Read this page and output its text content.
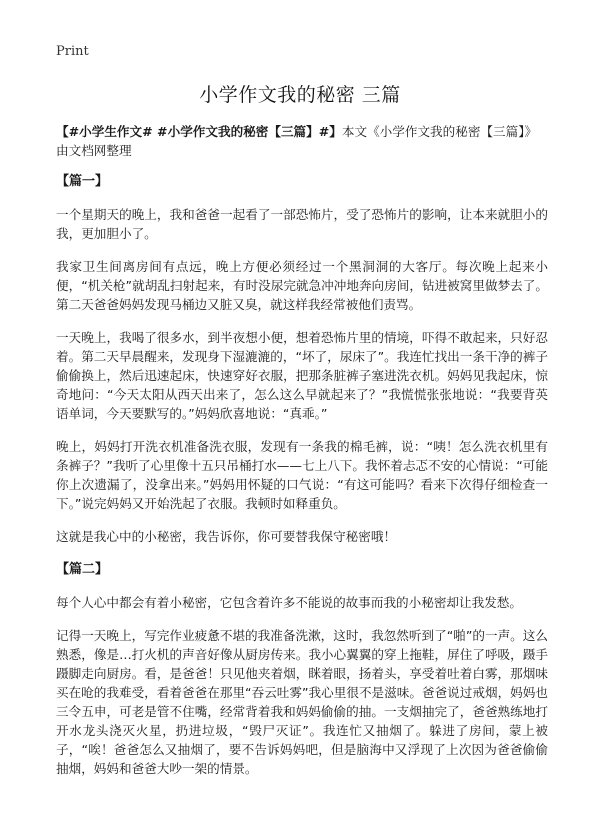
Print
小学作文我的秘密 三篇

【#小学生作文# #小学作文我的秘密【三篇】#】本文《小学作文我的秘密【三篇】》由文档网整理

【篇一】

一个星期天的晚上，我和爸爸一起看了一部恐怖片，受了恐怖片的影响，让本来就胆小的我，更加胆小了。

我家卫生间离房间有点远，晚上方便必须经过一个黑洞洞的大客厅。每次晚上起来小便，“机关枪”就胡乱扫射起来，有时没尿完就急冲冲地奔向房间，钻进被窝里做梦去了。第二天爸爸妈妈发现马桶边又脏又臭，就这样我经常被他们责骂。

一天晚上，我喝了很多水，到半夜想小便，想着恐怖片里的情境，吓得不敢起来，只好忍着。第二天早晨醒来，发现身下湿漉漉的，“坏了，尿床了”。我连忙找出一条干净的裤子偷偷换上，然后迅速起床，快速穿好衣服，把那条脏裤子塞进洗衣机。妈妈见我起床，惊奇地问：“今天太阳从西天出来了，怎么这么早就起来了？”我慌慌张张地说：“我要背英语单词，今天要默写的。”妈妈欣喜地说：“真乖。”

晚上，妈妈打开洗衣机准备洗衣服，发现有一条我的棉毛裤，说：“咦！怎么洗衣机里有条裤子？”我听了心里像十五只吊桶打水——七上八下。我怀着忐忑不安的心情说：“可能你上次遗漏了，没拿出来。”妈妈用怀疑的口气说：“有这可能吗？看来下次得仔细检查一下。”说完妈妈又开始洗起了衣服。我顿时如释重负。

这就是我心中的小秘密，我告诉你，你可要替我保守秘密哦！

【篇二】

每个人心中都会有着小秘密，它包含着许多不能说的故事而我的小秘密却让我发愁。

记得一天晚上，写完作业疲惫不堪的我准备洗漱，这时，我忽然听到了“啪”的一声。这么熟悉，像是…打火机的声音好像从厨房传来。我小心翼翼的穿上拖鞋，屏住了呼吸，蹑手蹑脚走向厨房。看，是爸爸！只见他夹着烟，眯着眼，扬着头，享受着吐着白雾，那烟味买在呛的我难受，看着爸爸在那里“吞云吐雾”我心里很不是滋味。爸爸说过戒烟，妈妈也三令五申，可老是管不住嘴，经常背着我和妈妈偷偷的抽。一支烟抽完了，爸爸熟练地打开水龙头浇灭火星，扔进垃圾，“毁尸灭证”。我连忙又抽烟了。躲进了房间，蒙上被子，“唉！爸爸怎么又抽烟了，要不告诉妈妈吧，但是脑海中又浮现了上次因为爸爸偷偷抽烟，妈妈和爸爸大吵一架的情景。
